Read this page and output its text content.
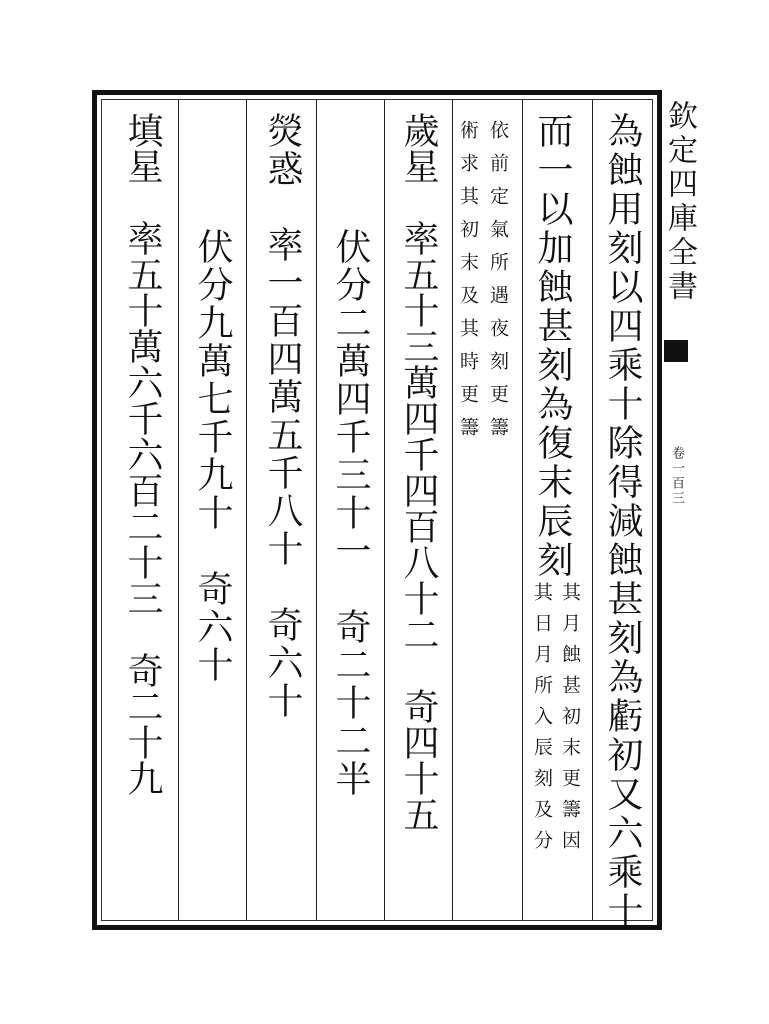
為蝕用刻以四乘十除得減蝕甚刻為虧初又六乘十
而一以加蝕甚刻為復末辰刻
其月蝕甚初末更籌因
其日月所入辰刻及分
依前定氣所遇夜刻更籌
術求其初末及其時更籌
歲星　率五十三萬四千四百八十二　奇四十五
　伏分二萬四千三十一　奇二十二半
熒惑　率一百四萬五千八十　奇六十
　伏分九萬七千九十　奇六十
填星　率五十萬六千六百二十三　奇二十九	欽定四庫全書
卷一百三
